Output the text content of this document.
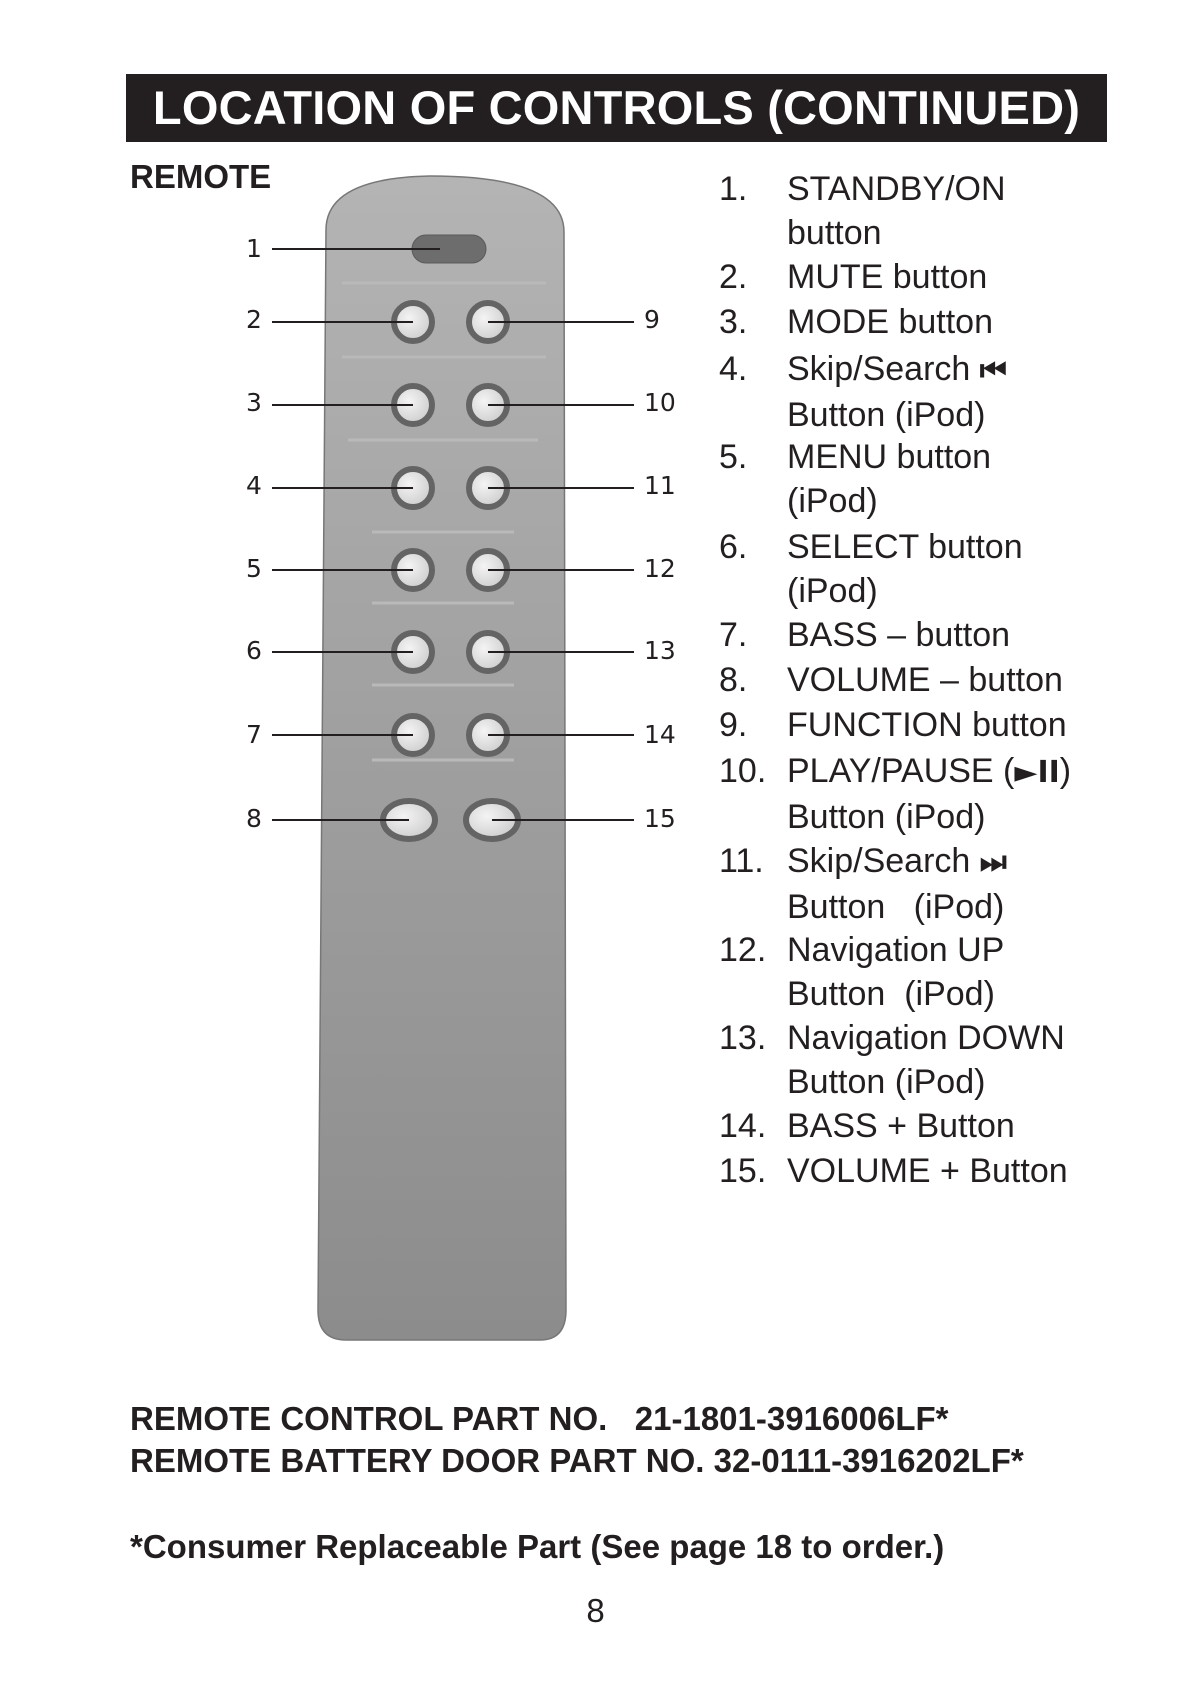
LOCATION OF CONTROLS (CONTINUED)
REMOTE
1
2
3
4
5
6
7
8
9
10
11
12
13
14
15
1.	STANDBY/ON
button
2.	MUTE button
3.	MODE button
4.	Skip/Search ⏮
Button (iPod)
5.	MENU button
(iPod)
6.	SELECT button
(iPod)
7.	BASS – button
8.	VOLUME – button
9.	FUNCTION button
10. PLAY/PAUSE (►II)
Button (iPod)
11. Skip/Search ⏭
Button   (iPod)
12. Navigation UP
Button  (iPod)
13. Navigation DOWN
Button (iPod)
14. BASS + Button
15. VOLUME + Button
REMOTE CONTROL PART NO.   21-1801-3916006LF*
REMOTE BATTERY DOOR PART NO. 32-0111-3916202LF*
*Consumer Replaceable Part (See page 18 to order.)
8
